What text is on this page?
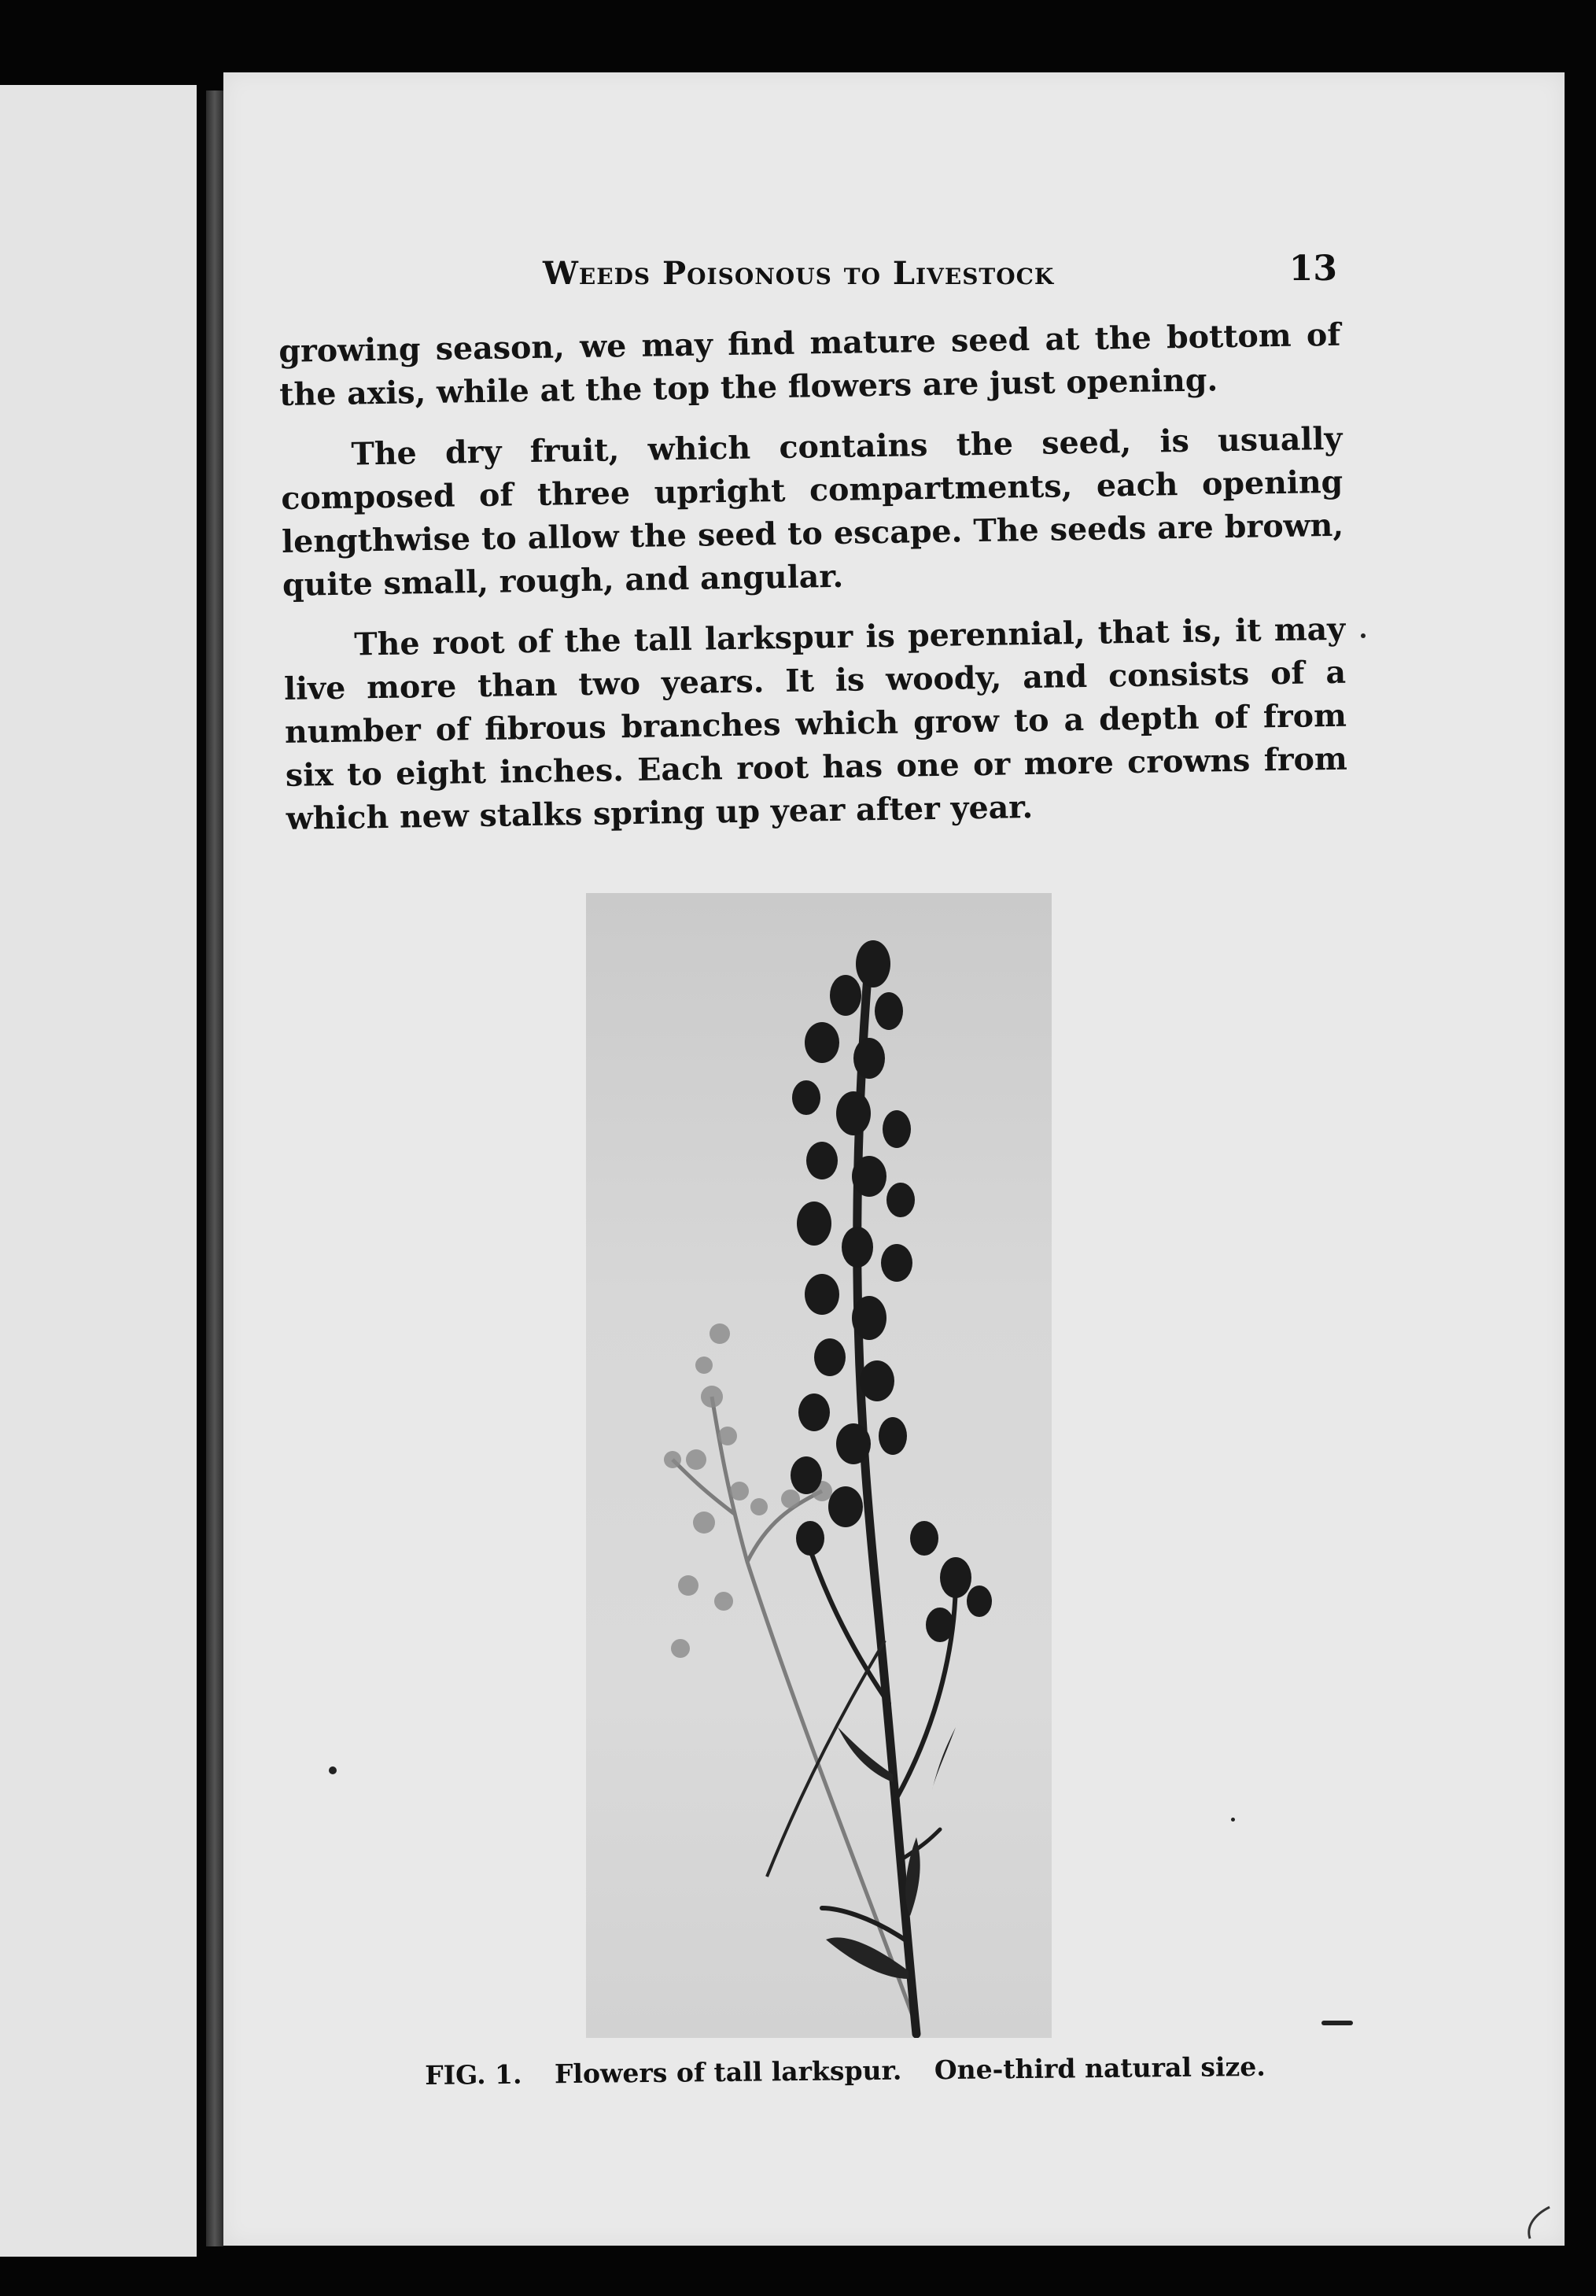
Weeds Poisonous to Livestock	13

growing season, we may find mature seed at the bottom of the axis, while at the top the flowers are just opening.

The dry fruit, which contains the seed, is usually composed of three upright compartments, each opening lengthwise to allow the seed to escape. The seeds are brown, quite small, rough, and angular.

The root of the tall larkspur is perennial, that is, it may live more than two years. It is woody, and consists of a number of fibrous branches which grow to a depth of from six to eight inches. Each root has one or more crowns from which new stalks spring up year after year.

FIG. 1. Flowers of tall larkspur. One-third natural size.
